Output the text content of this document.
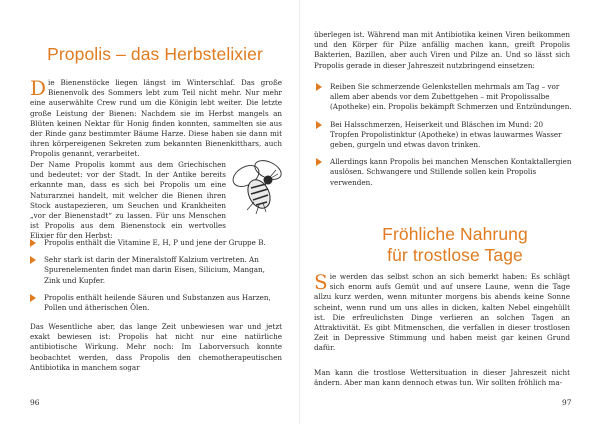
Propolis – das Herbstelixier

Die Bienenstöcke liegen längst im Winterschlaf. Das große Bienenvolk des Sommers lebt zum Teil nicht mehr. Nur mehr eine auserwählte Crew rund um die Königin lebt weiter. Die letzte große Leistung der Bienen: Nachdem sie im Herbst mangels an Blüten keinen Nektar für Honig finden konnten, sammelten sie aus der Rinde ganz bestimmter Bäume Harze. Diese haben sie dann mit ihren körpereigenen Sekreten zum bekannten Bienenkitthars, auch Propolis genannt, verarbeitet.

Der Name Propolis kommt aus dem Griechischen und bedeutet: vor der Stadt. In der Antike bereits erkannte man, dass es sich bei Propolis um eine Naturarznei handelt, mit welcher die Bienen ihren Stock austapezieren, um Seuchen und Krankheiten „vor der Bienenstadt“ zu lassen. Für uns Menschen ist Propolis aus dem Bienenstock ein wertvolles Elixier für den Herbst:

Propolis enthält die Vitamine E, H, P und jene der Gruppe B.
Sehr stark ist darin der Mineralstoff Kalzium vertreten. An Spurenelementen findet man darin Eisen, Silicium, Mangan, Zink und Kupfer.
Propolis enthält heilende Säuren und Substanzen aus Harzen, Pollen und ätherischen Ölen.

Das Wesentliche aber, das lange Zeit unbewiesen war und jetzt exakt bewiesen ist: Propolis hat nicht nur eine natürliche antibiotische Wirkung. Mehr noch: Im Laborversuch konnte beobachtet werden, dass Propolis den chemotherapeutischen Antibiotika in manchem sogar

96

überlegen ist. Während man mit Antibiotika keinen Viren beikommen und den Körper für Pilze anfällig machen kann, greift Propolis Bakterien, Bazillen, aber auch Viren und Pilze an. Und so lässt sich Propolis gerade in dieser Jahreszeit nutzbringend einsetzen:

Reiben Sie schmerzende Gelenkstellen mehrmals am Tag – vor allem aber abends vor dem Zubettgehen – mit Propolissalbe (Apotheke) ein. Propolis bekämpft Schmerzen und Entzündungen.
Bei Halsschmerzen, Heiserkeit und Bläschen im Mund: 20 Tropfen Propolistinktur (Apotheke) in etwas lauwarmes Wasser geben, gurgeln und etwas davon trinken.
Allerdings kann Propolis bei manchen Menschen Kontaktallergien auslösen. Schwangere und Stillende sollen kein Propolis verwenden.
Fröhliche Nahrung
für trostlose Tage

Sie werden das selbst schon an sich bemerkt haben: Es schlägt sich enorm aufs Gemüt und auf unsere Laune, wenn die Tage allzu kurz werden, wenn mitunter morgens bis abends keine Sonne scheint, wenn rund um uns alles in dicken, kalten Nebel eingehüllt ist. Die erfreulichsten Dinge verlieren an solchen Tagen an Attraktivität. Es gibt Mitmenschen, die verfallen in dieser trostlosen Zeit in Depressive Stimmung und haben meist gar keinen Grund dafür.

Man kann die trostlose Wettersituation in dieser Jahreszeit nicht ändern. Aber man kann dennoch etwas tun. Wir sollten fröhlich ma-

97
